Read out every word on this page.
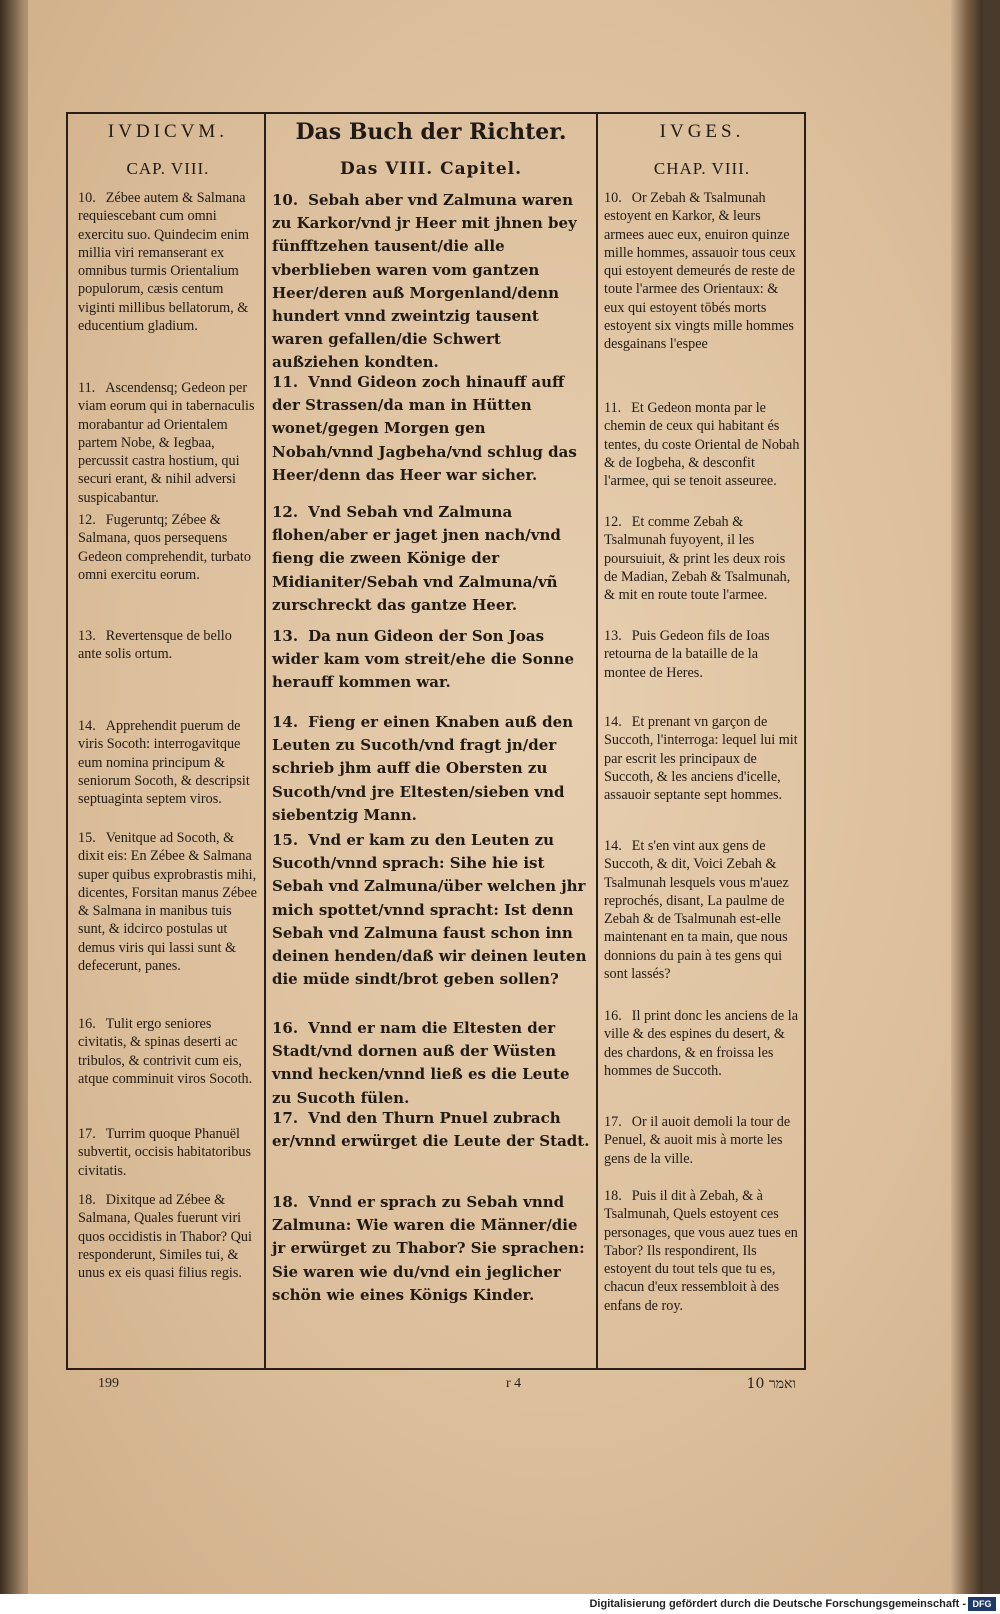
IVDICVM.
CAP. VIII.
10. Zébee autem & Salmana requiescebant cum omni exercitu suo. Quindecim enim millia viri remanserant ex omnibus turmis Orientalium populorum, cæsis centum viginti millibus bellatorum, & educentium gladium.
11. Ascendensq; Gedeon per viam eorum qui in tabernaculis morabantur ad Orientalem partem Nobe, & Iegbaa, percussit castra hostium, qui securi erant, & nihil adversi suspicabantur.
12. Fugeruntq; Zébee & Salmana, quos persequens Gedeon comprehendit, turbato omni exercitu eorum.
13. Revertensque de bello ante solis ortum.
14. Apprehendit puerum de viris Socoth: interrogavitque eum nomina principum & seniorum Socoth, & descripsit septuaginta septem viros.
15. Venitque ad Socoth, & dixit eis: En Zébee & Salmana super quibus exprobrastis mihi, dicentes, Forsitan manus Zébee & Salmana in manibus tuis sunt, & idcirco postulas ut demus viris qui lassi sunt & defecerunt, panes.
16. Tulit ergo seniores civitatis, & spinas deserti ac tribulos, & contrivit cum eis, atque comminuit viros Socoth.
17. Turrim quoque Phanuël subvertit, occisis habitatoribus civitatis.
18. Dixitque ad Zébee & Salmana, Quales fuerunt viri quos occidistis in Thabor? Qui responderunt, Similes tui, & unus ex eis quasi filius regis.
Das Buch der Richter.
Das VIII. Capitel.
10. Sebah aber vnd Zalmuna waren zu Karkor/vnd jr Heer mit jhnen bey fünfftzehen tausent/die alle vberblieben waren vom gantzen Heer/deren auß Morgenland/denn hundert vnnd zweintzig tausent waren gefallen/die Schwert außziehen kondten.
11. Vnnd Gideon zoch hinauff auff der Strassen/da man in Hütten wonet/gegen Morgen gen Nobah/vnnd Jagbeha/vnd schlug das Heer/denn das Heer war sicher.
12. Vnd Sebah vnd Zalmuna flohen/aber er jaget jnen nach/vnd fieng die zween Könige der Midianiter/Sebah vnd Zalmuna/vñ zurschreckt das gantze Heer.
13. Da nun Gideon der Son Joas wider kam vom streit/ehe die Sonne herauff kommen war.
14. Fieng er einen Knaben auß den Leuten zu Sucoth/vnd fragt jn/der schrieb jhm auff die Obersten zu Sucoth/vnd jre Eltesten/sieben vnd siebentzig Mann.
15. Vnd er kam zu den Leuten zu Sucoth/vnnd sprach: Sihe hie ist Sebah vnd Zalmuna/über welchen jhr mich spottet/vnnd spracht: Ist denn Sebah vnd Zalmuna faust schon inn deinen henden/daß wir deinen leuten die müde sindt/brot geben sollen?
16. Vnnd er nam die Eltesten der Stadt/vnd dornen auß der Wüsten vnnd hecken/vnnd ließ es die Leute zu Sucoth fülen.
17. Vnd den Thurn Pnuel zubrach er/vnnd erwürget die Leute der Stadt.
18. Vnnd er sprach zu Sebah vnnd Zalmuna: Wie waren die Männer/die jr erwürget zu Thabor? Sie sprachen: Sie waren wie du/vnd ein jeglicher schön wie eines Königs Kinder.
IVGES.
CHAP. VIII.
10. Or Zebah & Tsalmunah estoyent en Karkor, & leurs armees auec eux, enuiron quinze mille hommes, assauoir tous ceux qui estoyent demeurés de reste de toute l'armee des Orientaux: & eux qui estoyent tōbés morts estoyent six vingts mille hommes desgainans l'espee
11. Et Gedeon monta par le chemin de ceux qui habitant és tentes, du coste Oriental de Nobah & de Iogbeha, & desconfit l'armee, qui se tenoit asseuree.
12. Et comme Zebah & Tsalmunah fuyoyent, il les poursuiuit, & print les deux rois de Madian, Zebah & Tsalmunah, & mit en route toute l'armee.
13. Puis Gedeon fils de Ioas retourna de la bataille de la montee de Heres.
14. Et prenant vn garçon de Succoth, l'interroga: lequel lui mit par escrit les principaux de Succoth, & les anciens d'icelle, assauoir septante sept hommes.
14. Et s'en vint aux gens de Succoth, & dit, Voici Zebah & Tsalmunah lesquels vous m'auez reprochés, disant, La paulme de Zebah & de Tsalmunah est-elle maintenant en ta main, que nous donnions du pain à tes gens qui sont lassés?
16. Il print donc les anciens de la ville & des espines du desert, & des chardons, & en froissa les hommes de Succoth.
17. Or il auoit demoli la tour de Penuel, & auoit mis à morte les gens de la ville.
18. Puis il dit à Zebah, & à Tsalmunah, Quels estoyent ces personages, que vous auez tues en Tabor? Ils respondirent, Ils estoyent du tout tels que tu es, chacun d'eux ressembloit à des enfans de roy.
199	r 4	ואמר 10
Digitalisierung gefördert durch die Deutsche Forschungsgemeinschaft - DFG
